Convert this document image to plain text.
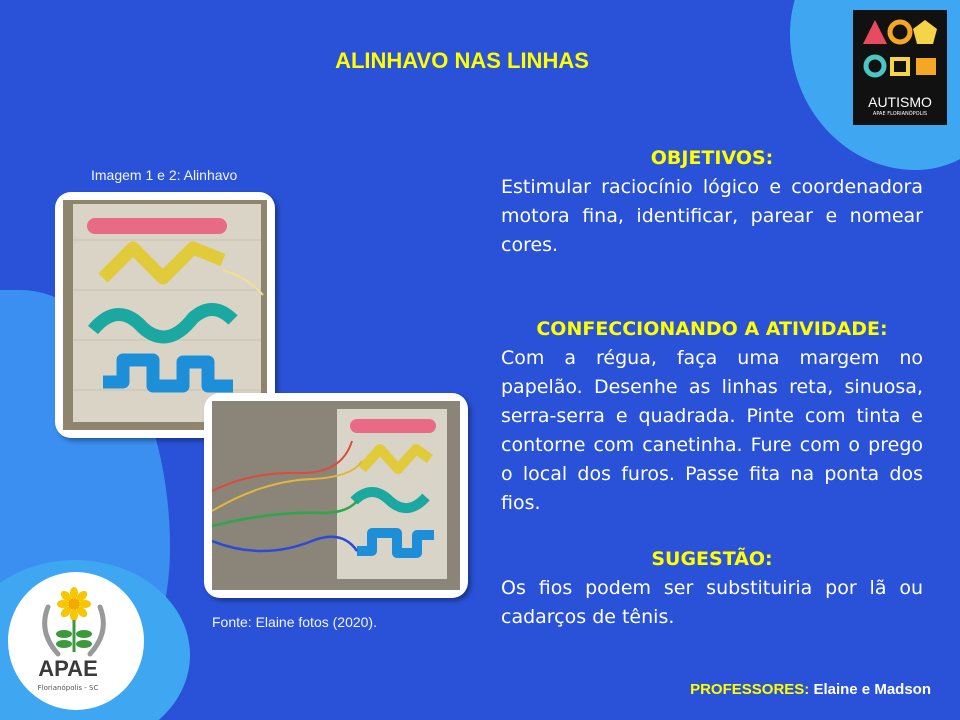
ALINHAVO NAS LINHAS
AUTISMO
APAE FLORIANÓPOLIS
Imagem 1 e 2: Alinhavo
Fonte: Elaine fotos (2020).
OBJETIVOS:
Estimular raciocínio lógico e coordenadora motora fina, identificar, parear e nomear cores.
CONFECCIONANDO A ATIVIDADE:
Com a régua, faça uma margem no papelão. Desenhe as linhas reta, sinuosa, serra-serra e quadrada. Pinte com tinta e contorne com canetinha. Fure com o prego o local dos furos. Passe fita na ponta dos fios.
SUGESTÃO:
Os fios podem ser substituiria por lã ou cadarços de tênis.
APAE
Florianópolis - SC	PROFESSORES: Elaine e Madson
